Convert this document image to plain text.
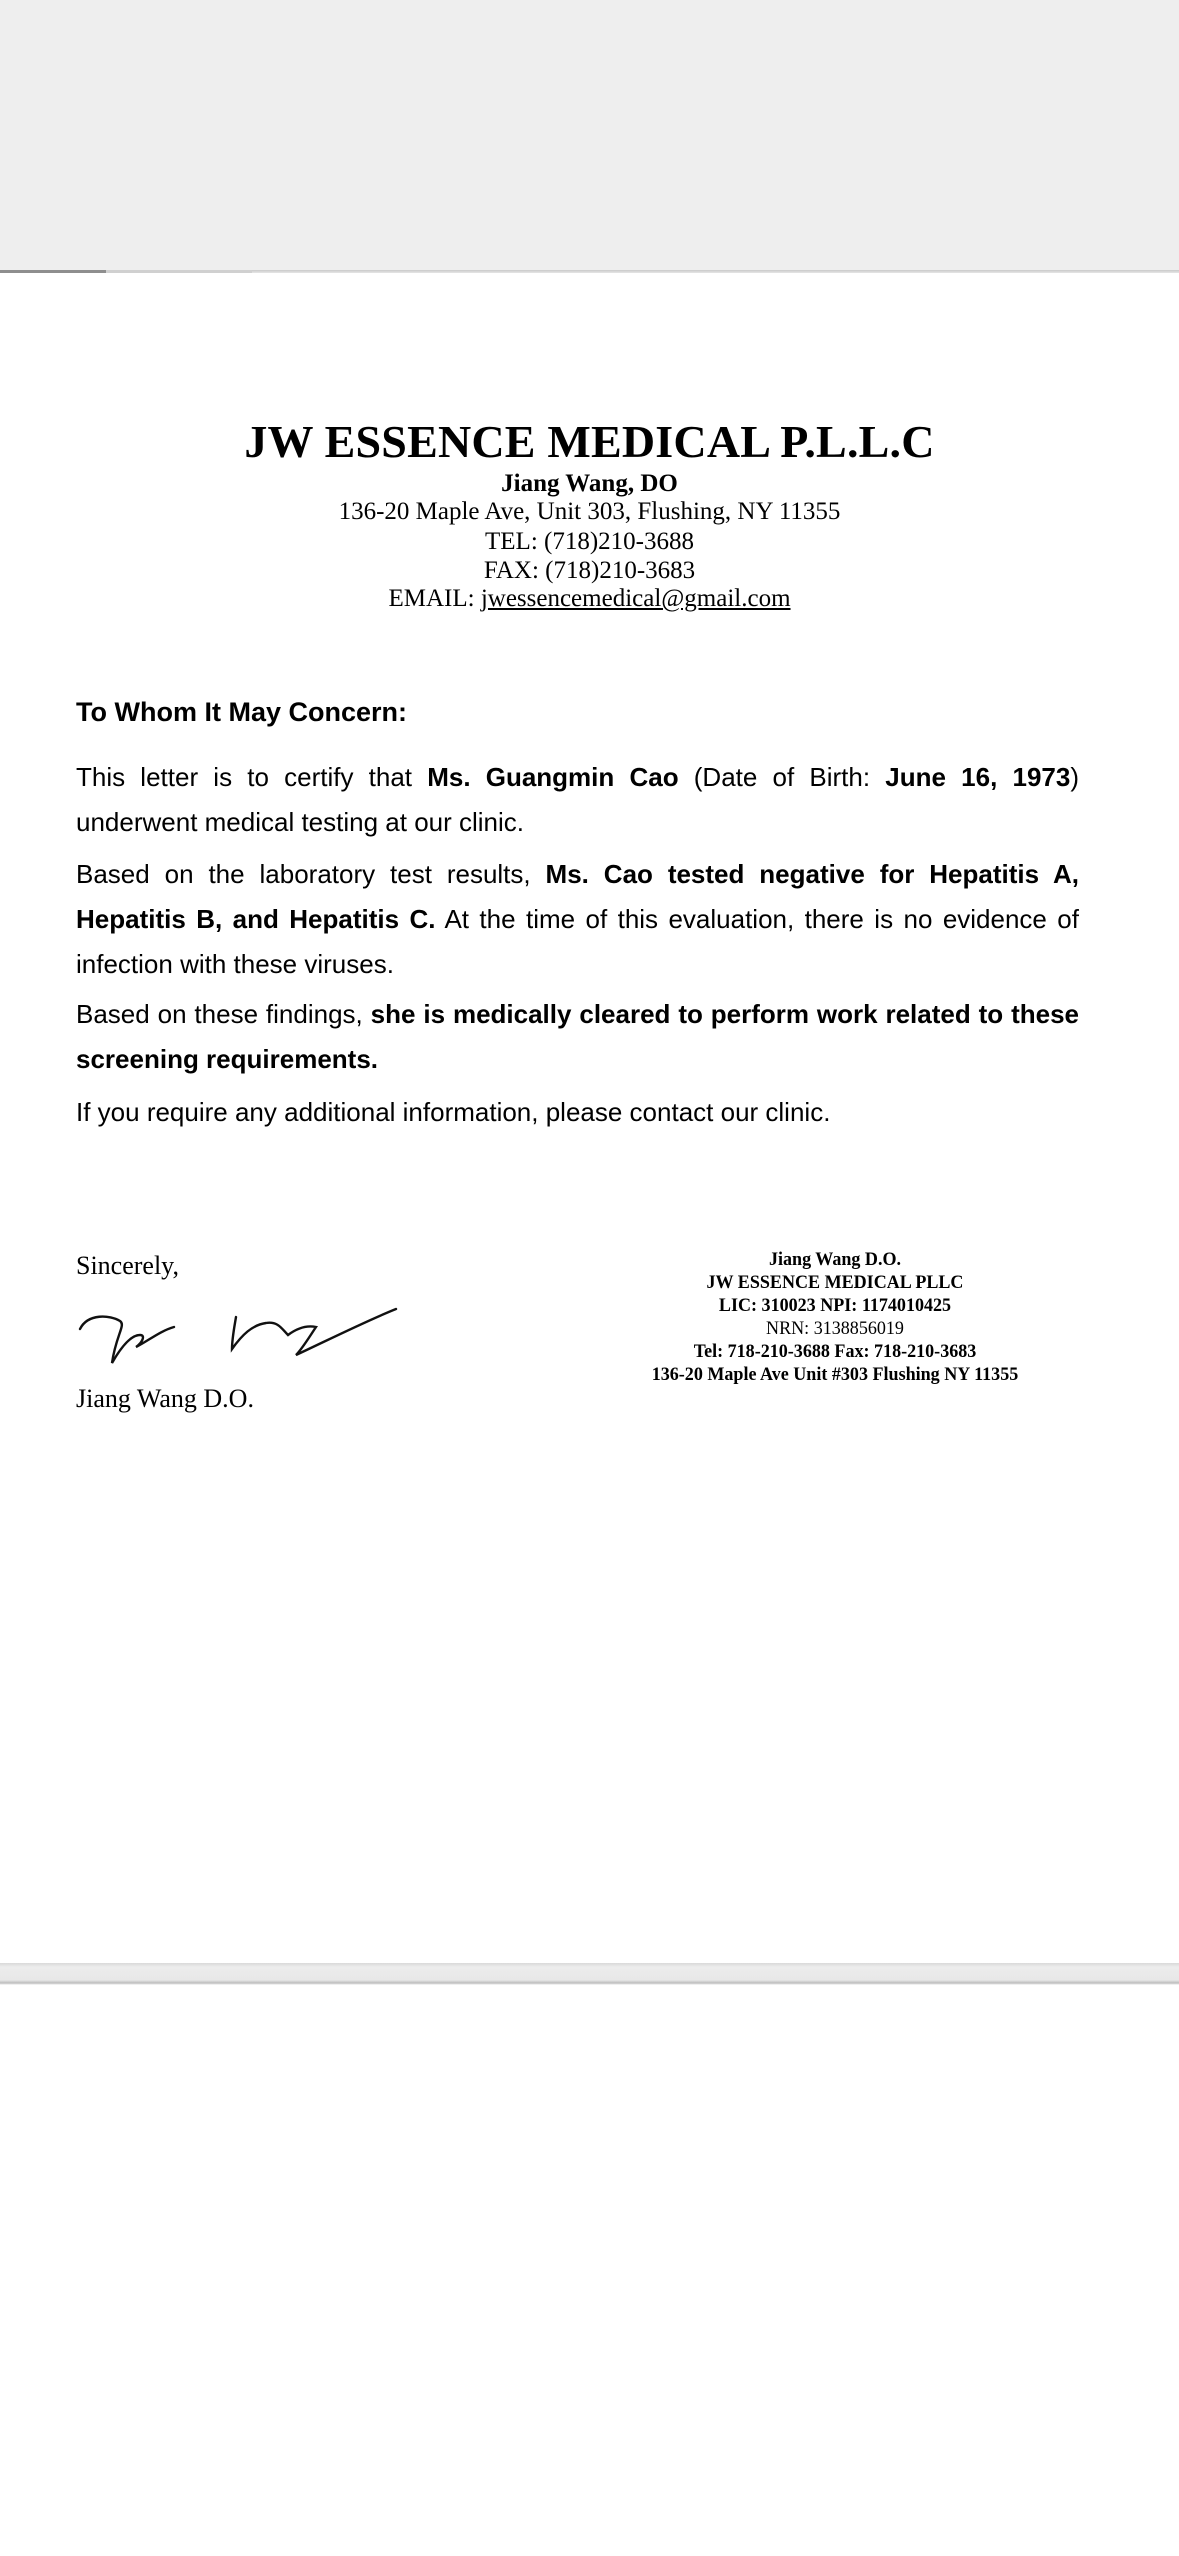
JW ESSENCE MEDICAL P.L.L.C
Jiang Wang, DO
136-20 Maple Ave, Unit 303, Flushing, NY 11355
TEL: (718)210-3688
FAX: (718)210-3683
EMAIL: jwessencemedical@gmail.com
To Whom It May Concern:
This letter is to certify that Ms. Guangmin Cao (Date of Birth: June 16, 1973) underwent medical testing at our clinic.
Based on the laboratory test results, Ms. Cao tested negative for Hepatitis A, Hepatitis B, and Hepatitis C. At the time of this evaluation, there is no evidence of infection with these viruses.
Based on these findings, she is medically cleared to perform work related to these screening requirements.
If you require any additional information, please contact our clinic.
Sincerely,
Jiang Wang D.O.
Jiang Wang D.O.
JW ESSENCE MEDICAL PLLC
LIC: 310023 NPI: 1174010425
NRN: 3138856019
Tel: 718-210-3688 Fax: 718-210-3683
136-20 Maple Ave Unit #303 Flushing NY 11355
